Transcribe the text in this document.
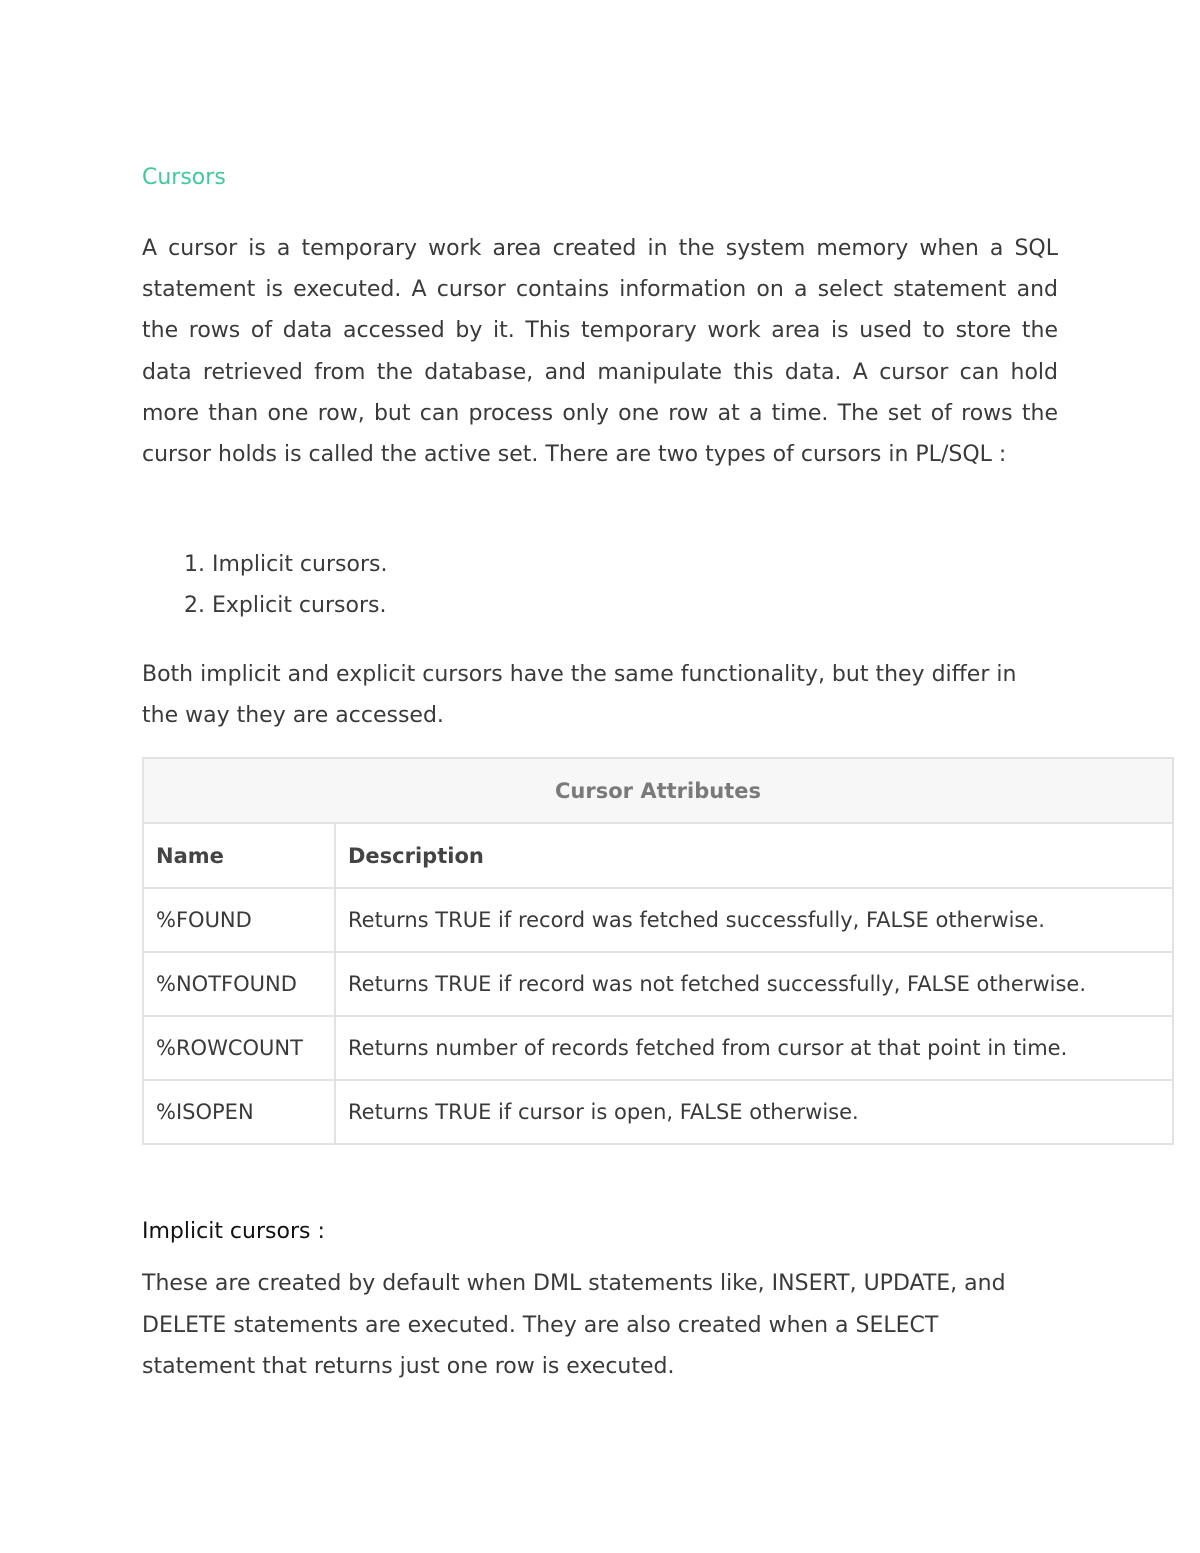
Cursors

A cursor is a temporary work area created in the system memory when a SQL statement is executed. A cursor contains information on a select statement and the rows of data accessed by it. This temporary work area is used to store the data retrieved from the database, and manipulate this data. A cursor can hold more than one row, but can process only one row at a time. The set of rows the cursor holds is called the active set. There are two types of cursors in PL/SQL :

1. Implicit cursors.
2. Explicit cursors.

Both implicit and explicit cursors have the same functionality, but they differ in the way they are accessed.

Cursor Attributes	
Name	Description
%FOUND	Returns TRUE if record was fetched successfully, FALSE otherwise.
%NOTFOUND	Returns TRUE if record was not fetched successfully, FALSE otherwise.
%ROWCOUNT	Returns number of records fetched from cursor at that point in time.
%ISOPEN	Returns TRUE if cursor is open, FALSE otherwise.
Implicit cursors :

These are created by default when DML statements like, INSERT, UPDATE, and DELETE statements are executed. They are also created when a SELECT statement that returns just one row is executed.
